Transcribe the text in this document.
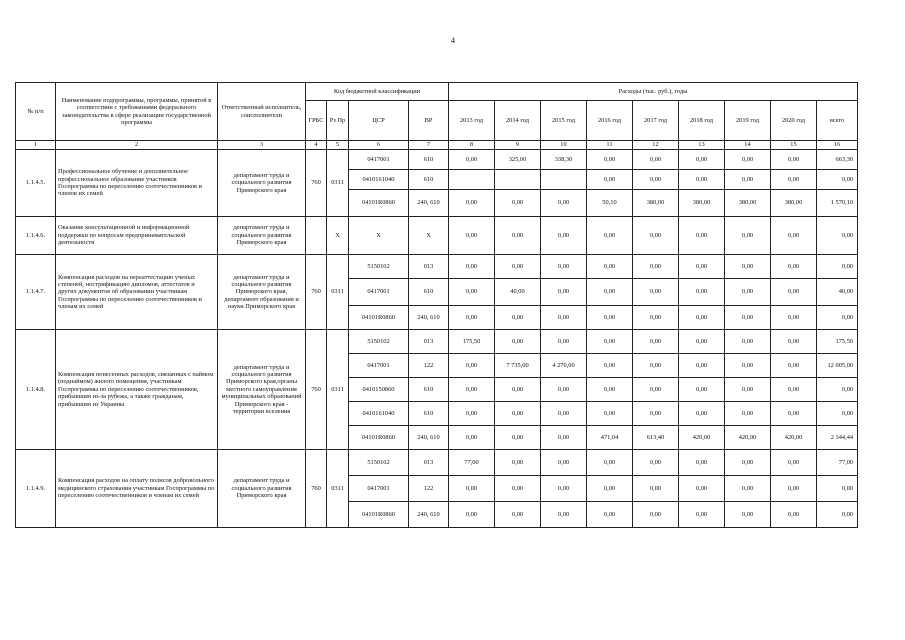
4
№ п/п	Наименование подпрограммы, программы, принятой в соответствии с требованиями федерального законодательства в сфере реализации государственной программы	Ответственный исполнитель, соисполнители	Код бюджетной классификации				Расходы (тыс. руб.), годы								
			ГРБС	Рз Пр	ЦСР	ВР	2013 год	2014 год	2015 год	2016 год	2017 год	2018 год	2019 год	2020 год	всего
1	2	3	4	5	6	7	8	9	10	11	12	13	14	15	16
1.1.4.5.	Профессиональное обучение и дополнительное профессиональное образование участников Госпрограммы по переселению соотечественников и членов их семей	департамент труда и социального развития Приморского края	760	0311	0417001	610	0,00	325,00	338,30	0,00	0,00	0,00	0,00	0,00	663,30
					0410161040	610				0,00	0,00	0,00	0,00	0,00	0,00
					04101R0860	240, 610	0,00	0,00	0,00	50,10	380,00	380,00	380,00	380,00	1 570,10
1.1.4.6.	Оказание консультационной и информационной поддержки по вопросам предпринимательской деятельности	департамент труда и социального развития Приморского края		X	X	X	0,00	0,00	0,00	0,00	0,00	0,00	0,00	0,00	0,00
1.1.4.7.	Компенсация расходов на переаттестацию ученых степеней, нострификацию дипломов, аттестатов и других документов об образовании участникам Госпрограммы по переселению соотечественников и членам их семей	департамент труда и социального развития Приморского края, департамент образования и науки Приморского края	760	0311	5150102	013	0,00	0,00	0,00	0,00	0,00	0,00	0,00	0,00	0,00
					0417001	610	0,00	40,00	0,00	0,00	0,00	0,00	0,00	0,00	40,00
					04101R0860	240, 610	0,00	0,00	0,00	0,00	0,00	0,00	0,00	0,00	0,00
1.1.4.8.	Компенсация понесенных расходов, связанных с наймом (поднаймом) жилого помещения, участникам Госпрограммы по переселению соотечественников, прибывшим из-за рубежа, а также гражданам, прибывшим из Украины	департамент труда и социального развития Приморского края,органы местного самоуправления муниципальных образований Приморского края - территории вселения	760	0311	5150102	013	175,50	0,00	0,00	0,00	0,00	0,00	0,00	0,00	175,50
					0417001	122	0,00	7 735,00	4 270,00	0,00	0,00	0,00	0,00	0,00	12 005,00
					0410150860	610	0,00	0,00	0,00	0,00	0,00	0,00	0,00	0,00	0,00
					0410161040	610	0,00	0,00	0,00	0,00	0,00	0,00	0,00	0,00	0,00
					04101R0860	240, 610	0,00	0,00	0,00	471,04	613,40	420,00	420,00	420,00	2 344,44
1.1.4.9.	Компенсация расходов на оплату полисов добровольного медицинского страхования участникам Госпрограммы по переселению соотечественников и членам их семей	департамент труда и социального развития Приморского края	760	0311	5150102	013	77,00	0,00	0,00	0,00	0,00	0,00	0,00	0,00	77,00
					0417001	122	0,00	0,00	0,00	0,00	0,00	0,00	0,00	0,00	0,00
					04101R0860	240, 610	0,00	0,00	0,00	0,00	0,00	0,00	0,00	0,00	0,00
